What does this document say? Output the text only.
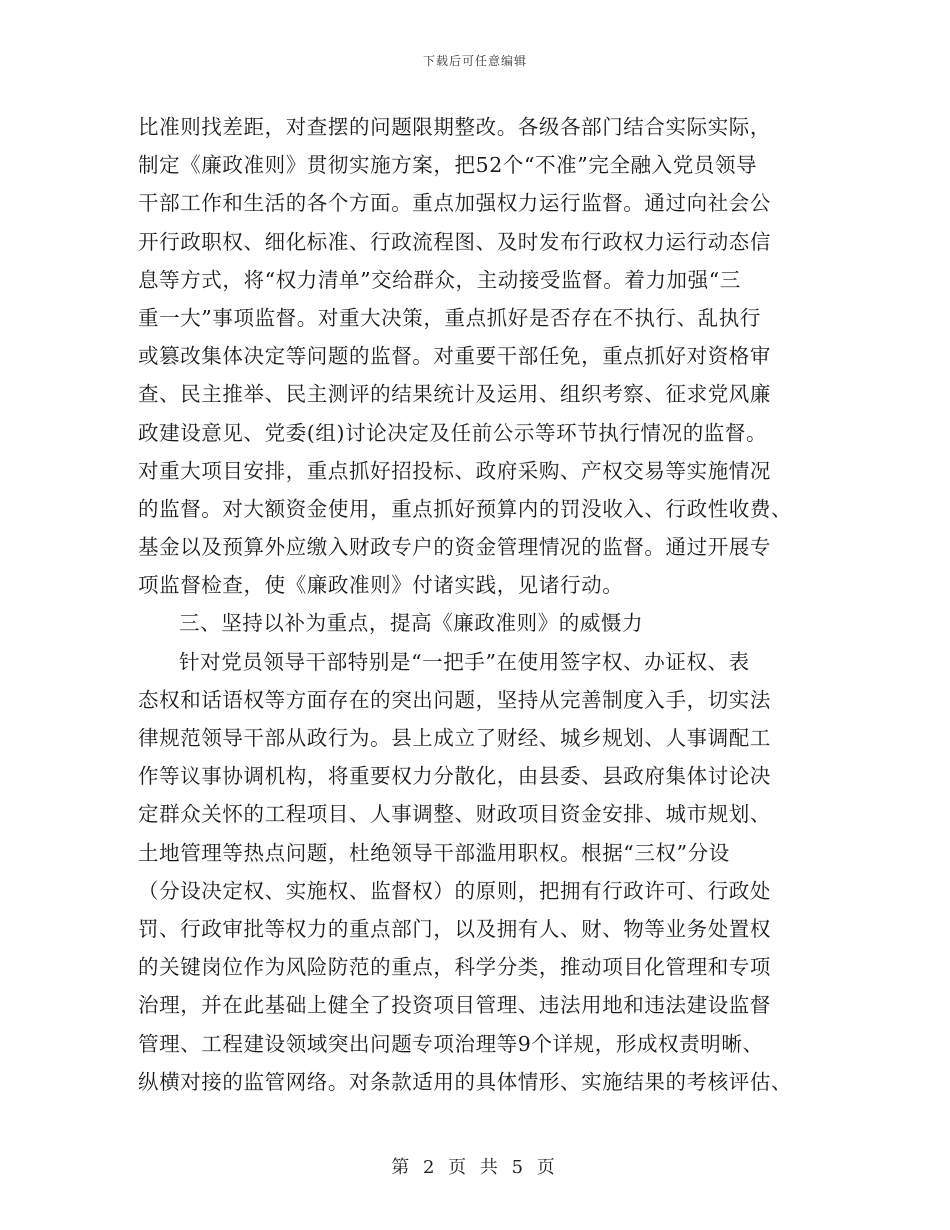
下载后可任意编辑
比准则找差距，对查摆的问题限期整改。各级各部门结合实际实际，
制定《廉政准则》贯彻实施方案，把52个“不准”完全融入党员领导
干部工作和生活的各个方面。重点加强权力运行监督。通过向社会公
开行政职权、细化标准、行政流程图、及时发布行政权力运行动态信
息等方式，将“权力清单”交给群众，主动接受监督。着力加强“三
重一大”事项监督。对重大决策，重点抓好是否存在不执行、乱执行
或篡改集体决定等问题的监督。对重要干部任免，重点抓好对资格审
查、民主推举、民主测评的结果统计及运用、组织考察、征求党风廉
政建设意见、党委(组)讨论决定及任前公示等环节执行情况的监督。
对重大项目安排，重点抓好招投标、政府采购、产权交易等实施情况
的监督。对大额资金使用，重点抓好预算内的罚没收入、行政性收费、
基金以及预算外应缴入财政专户的资金管理情况的监督。通过开展专
项监督检查，使《廉政准则》付诸实践，见诸行动。
三、坚持以补为重点，提高《廉政准则》的威慑力
针对党员领导干部特别是“一把手”在使用签字权、办证权、表
态权和话语权等方面存在的突出问题，坚持从完善制度入手，切实法
律规范领导干部从政行为。县上成立了财经、城乡规划、人事调配工
作等议事协调机构，将重要权力分散化，由县委、县政府集体讨论决
定群众关怀的工程项目、人事调整、财政项目资金安排、城市规划、
土地管理等热点问题，杜绝领导干部滥用职权。根据“三权”分设
（分设决定权、实施权、监督权）的原则，把拥有行政许可、行政处
罚、行政审批等权力的重点部门，以及拥有人、财、物等业务处置权
的关键岗位作为风险防范的重点，科学分类，推动项目化管理和专项
治理，并在此基础上健全了投资项目管理、违法用地和违法建设监督
管理、工程建设领域突出问题专项治理等9个详规，形成权责明晰、
纵横对接的监管网络。对条款适用的具体情形、实施结果的考核评估、
第 2 页 共 5 页
